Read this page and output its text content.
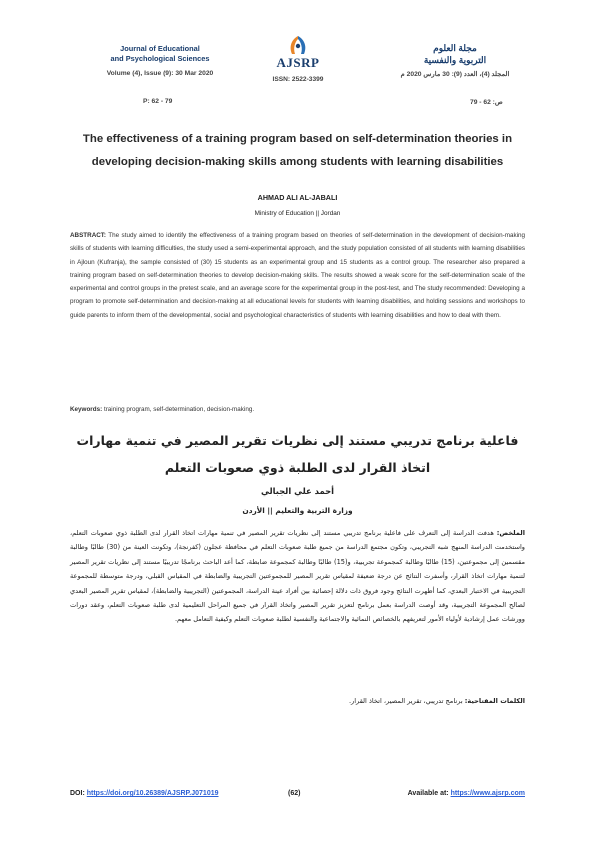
Journal of Educational
and Psychological Sciences
Volume (4), Issue (9): 30 Mar 2020
P: 62 - 79
AJSRP
ISSN: 2522-3399
مجلة العلوم
التربوية والنفسية
المجلد (4)، العدد (9): 30 مارس 2020 م
ص: 62 - 79
The effectiveness of a training program based on self-determination theories in developing decision-making skills among students with learning disabilities
AHMAD ALI AL-JABALI
Ministry of Education || Jordan
ABSTRACT: The study aimed to identify the effectiveness of a training program based on theories of self-determination in the development of decision-making skills of students with learning difficulties, the study used a semi-experimental approach, and the study population consisted of all students with learning disabilities in Ajloun (Kufranja), the sample consisted of (30) 15 students as an experimental group and 15 students as a control group. The researcher also prepared a training program based on self-determination theories to develop decision-making skills. The results showed a weak score for the self-determination scale of the experimental and control groups in the pretest scale, and an average score for the experimental group in the post-test, and The study recommended: Developing a program to promote self-determination and decision-making at all educational levels for students with learning disabilities, and holding sessions and workshops to guide parents to inform them of the developmental, social and psychological characteristics of students with learning disabilities and how to deal with them.
Keywords: training program, self-determination, decision-making.
فاعلية برنامج تدريبي مستند إلى نظريات تقرير المصير في تنمية مهارات اتخاذ القرار لدى الطلبة ذوي صعوبات التعلم
أحمد علي الجبالي
وزارة التربية والتعليم || الأردن
الملخص: هدفت الدراسة إلى التعرف على فاعلية برنامج تدريبي مستند إلى نظريات تقرير المصير في تنمية مهارات اتخاذ القرار لدى الطلبة ذوي صعوبات التعلم، واستخدمت الدراسة المنهج شبه التجريبي، وتكون مجتمع الدراسة من جميع طلبة صعوبات التعلم في محافظة عجلون (كفرنجة)، وتكونت العينة من (30) طالبًا وطالبة مقسمين إلى مجموعتين، (15) طالبًا وطالبة كمجموعة تجريبية، و(15) طالبًا وطالبة كمجموعة ضابطة، كما أعد الباحث برنامجًا تدريبيًا مستند إلى نظريات تقرير المصير لتنمية مهارات اتخاذ القرار، وأسفرت النتائج عن درجة ضعيفة لمقياس تقرير المصير للمجموعتين التجريبية والضابطة في المقياس القبلي، ودرجة متوسطة للمجموعة التجريبية في الاختبار البعدي، كما أظهرت النتائج وجود فروق ذات دلالة إحصائية بين أفراد عينة الدراسة، المجموعتين (التجريبية والضابطة)، لمقياس تقرير المصير البعدي لصالح المجموعة التجريبية، وقد أوصت الدراسة بعمل برنامج لتعزيز تقرير المصير واتخاذ القرار في جميع المراحل التعليمية لدى طلبة صعوبات التعلم، وعقد دورات وورشات عمل إرشادية لأولياء الأمور لتعريفهم بالخصائص النمائية والاجتماعية والنفسية لطلبة صعوبات التعلم وكيفية التعامل معهم.
الكلمات المفتاحية: برنامج تدريبي، تقرير المصير، اتخاذ القرار.
DOI: https://doi.org/10.26389/AJSRP.J071019	(62)	Available at: https://www.ajsrp.com
